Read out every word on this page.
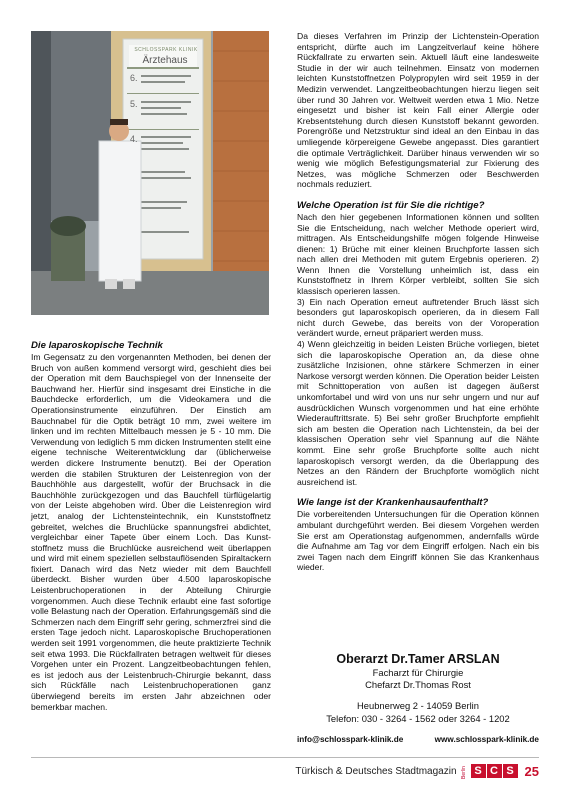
SCHLOSSPARK KLINIK
Ärztehaus
6.
5.
4.
Die laparoskopische Technik

Im Gegensatz zu den vorgenannten Methoden, bei denen der Bruch von außen kommend versorgt wird, geschieht dies bei der Operation mit dem Bauchspiegel von der Innenseite der Bauchwand her. Hierfür sind insgesamt drei Einstiche in die Bauchdecke erforderlich, um die Videokamera und die Operationsinstrumente einzuführen. Der Einstich am Bauchnabel für die Optik beträgt 10 mm, zwei weitere im linken und im rechten Mittelbauch messen je 5 - 10 mm. Die Verwendung von lediglich 5 mm dicken Instrumenten stellt eine eigene technische Weiterentwicklung dar (üblicherweise werden dickere Instrumente benutzt). Bei der Operation werden die stabilen Strukturen der Leistenregion von der Bauchhöhle aus dargestellt, wofür der Bruchsack in die Bauchhöhle zurückgezogen und das Bauchfell türflügelartig von der Leiste abgehoben wird. Über die Leistenregion wird jetzt, analog der Lichtensteintechnik, ein Kunststoffnetz gebreitet, welches die Bruchlücke spannungsfrei abdichtet, vergleichbar einer Tapete über einem Loch. Das Kunst- stoffnetz muss die Bruchlücke ausreichend weit überlappen und wird mit einem speziellen selbstauflösenden Spiraltackern fixiert. Danach wird das Netz wieder mit dem Bauchfell überdeckt. Bisher wurden über 4.500 laparoskopische Leistenbruchoperationen in der Abteilung Chirurgie vorgenommen. Auch diese Technik erlaubt eine fast sofortige volle Belastung nach der Operation. Erfahrungsgemäß sind die Schmerzen nach dem Eingriff sehr gering, schmerzfrei sind die ersten Tage jedoch nicht. Laparoskopische Bruchoperationen werden seit 1991 vorgenommen, die heute praktizierte Technik seit etwa 1993. Die Rückfallraten betragen weltweit für dieses Vorgehen unter ein Prozent. Langzeitbeobachtungen fehlen, es ist jedoch aus der Leistenbruch-Chirurgie bekannt, dass sich Rückfälle nach Leistenbruchoperationen ganz überwiegend bereits im ersten Jahr abzeichnen oder bemerkbar machen.

Da dieses Verfahren im Prinzip der Lichtenstein-Operation entspricht, dürfte auch im Langzeitverlauf keine höhere Rückfallrate zu erwarten sein. Aktuell läuft eine landesweite Studie in der wir auch teilnehmen. Einsatz von modernen leichten Kunststoffnetzen Polypropylen wird seit 1959 in der Medizin verwendet. Langzeitbeobachtungen hierzu liegen seit über rund 30 Jahren vor. Weltweit werden etwa 1 Mio. Netze eingesetzt und bisher ist kein Fall einer Allergie oder Krebsentstehung durch diesen Kunststoff bekannt geworden. Porengröße und Netzstruktur sind ideal an den Einbau in das umliegende körpereigene Gewebe angepasst. Dies garantiert die optimale Verträglichkeit. Darüber hinaus verwenden wir so wenig wie möglich Befestigungsmaterial zur Fixierung des Netzes, was mögliche Schmerzen oder Beschwerden nochmals reduziert.

Welche Operation ist für Sie die richtige?

Nach den hier gegebenen Informationen können und sollten Sie die Entscheidung, nach welcher Methode operiert wird, mittragen. Als Entscheidungshilfe mögen folgende Hinweise dienen: 1) Brüche mit einer kleinen Bruchpforte lassen sich nach allen drei Methoden mit gutem Ergebnis operieren. 2) Wenn Ihnen die Vorstellung unheimlich ist, dass ein Kunststoffnetz in Ihrem Körper verbleibt, sollten Sie sich klassisch operieren lassen.

3) Ein nach Operation erneut auftretender Bruch lässt sich besonders gut laparoskopisch operieren, da in diesem Fall nicht durch Gewebe, das bereits von der Voroperation verändert wurde, erneut präpariert werden muss.

4) Wenn gleichzeitig in beiden Leisten Brüche vorliegen, bietet sich die laparoskopische Operation an, da diese ohne zusätzliche Inzisionen, ohne stärkere Schmerzen in einer Narkose versorgt werden können. Die Operation beider Leisten mit Schnittoperation von außen ist dagegen äußerst unkomfortabel und wird von uns nur sehr ungern und nur auf ausdrücklichen Wunsch vorgenommen und hat eine erhöhte Wiederauftrittsrate. 5) Bei sehr großer Bruchpforte empfiehlt sich am besten die Operation nach Lichtenstein, da bei der klassischen Operation sehr viel Spannung auf die Nähte kommt. Eine sehr große Bruchpforte sollte auch nicht laparoskopisch versorgt werden, da die Überlappung des Netzes an den Rändern der Bruchpforte womöglich nicht ausreichend ist.

Wie lange ist der Krankenhausaufenthalt?

Die vorbereitenden Untersuchungen für die Operation können ambulant durchgeführt werden. Bei diesem Vorgehen werden Sie erst am Operationstag aufgenommen, andernfalls würde die Aufnahme am Tag vor dem Eingriff erfolgen. Nach ein bis zwei Tagen nach dem Eingriff können Sie das Krankenhaus wieder.

Oberarzt Dr.Tamer ARSLAN
Facharzt für Chirurgie
Chefarzt Dr.Thomas Rost
Heubnerweg 2 - 14059 Berlin
Telefon: 030 - 3264 - 1562 oder 3264 - 1202
info@schlosspark-klinik.de	www.schlosspark-klinik.de
Türkisch & Deutsches Stadtmagazin Berlin S C S 25
